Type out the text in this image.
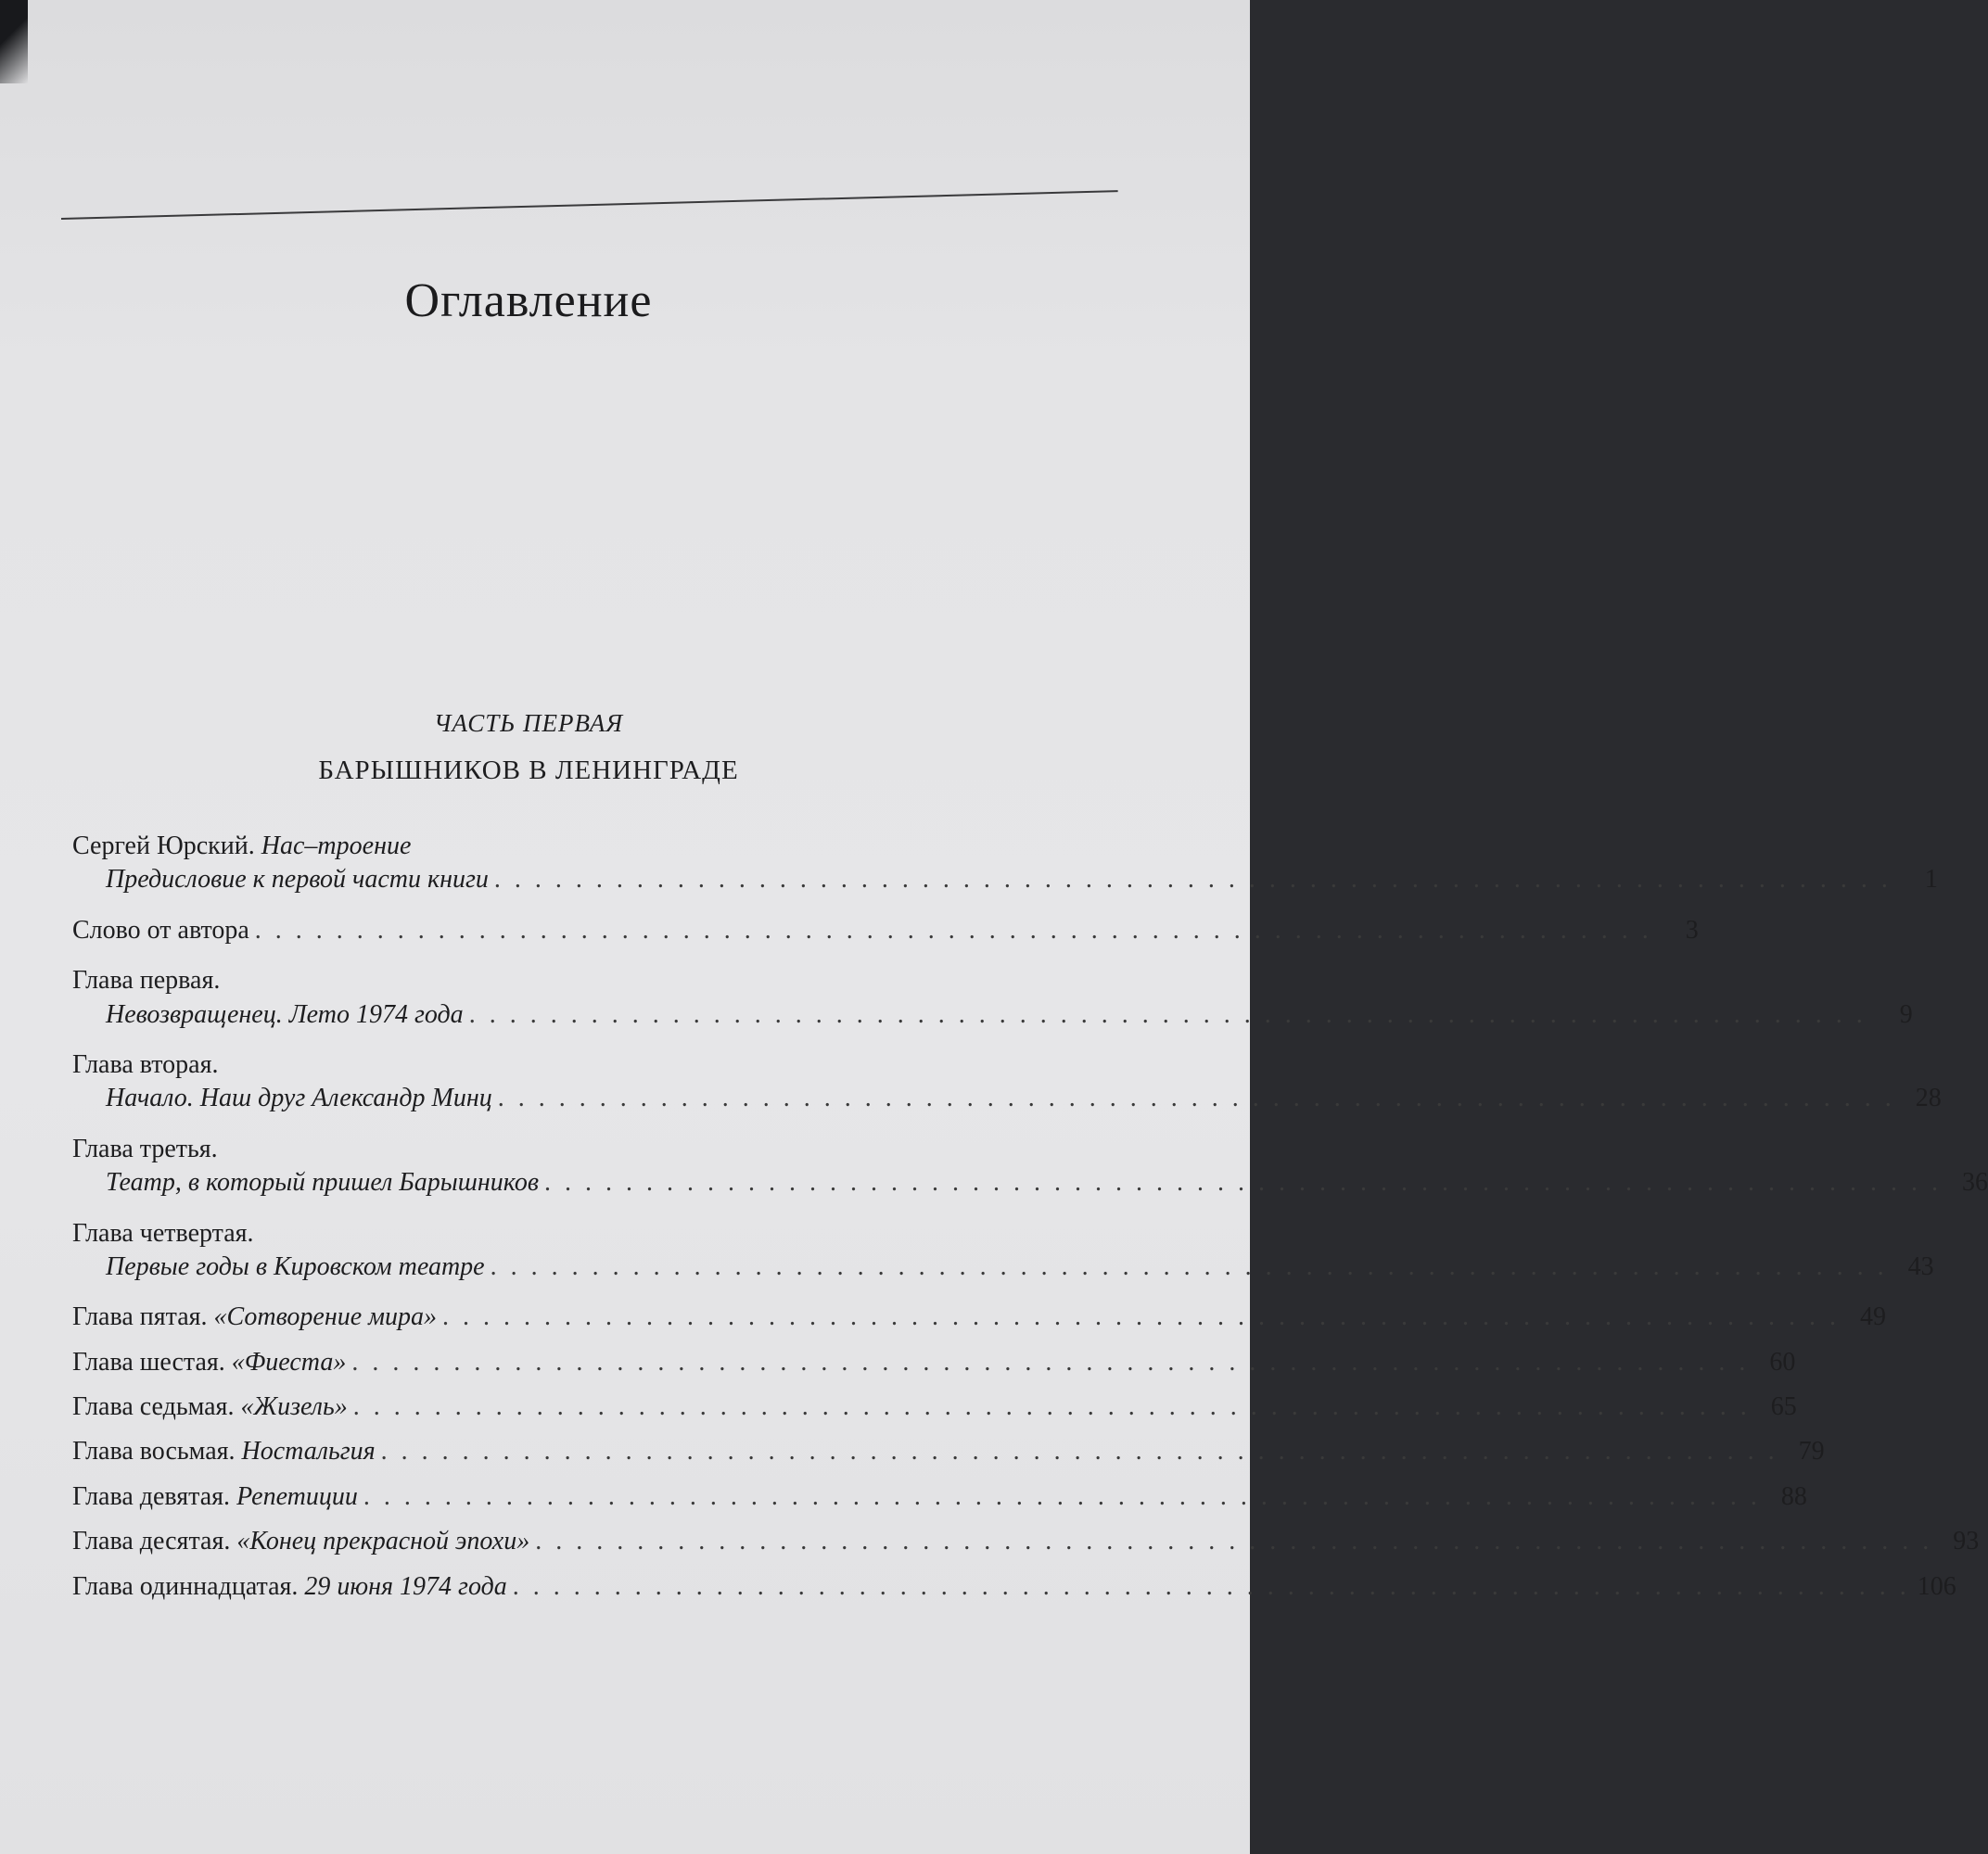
Оглавление
ЧАСТЬ ПЕРВАЯ
БАРЫШНИКОВ В ЛЕНИНГРАДЕ
Сергей Юрский.
Нас–троение
Предисловие к первой части книги . . . . . . . . . . . . . . . . . . . . . . . . . . . . . . . . . . . . . . . . . . . . . . . . . . . . . . . . . . . . . . . . . . . . .	1
Слово от автора . . . . . . . . . . . . . . . . . . . . . . . . . . . . . . . . . . . . . . . . . . . . . . . . . . . . . . . . . . . . . . . . . . . . .	3
Глава первая.
Невозвращенец. Лето 1974 года . . . . . . . . . . . . . . . . . . . . . . . . . . . . . . . . . . . . . . . . . . . . . . . . . . . . . . . . . . . . . . . . . . . . .	9
Глава вторая.
Начало. Наш друг Александр Минц . . . . . . . . . . . . . . . . . . . . . . . . . . . . . . . . . . . . . . . . . . . . . . . . . . . . . . . . . . . . . . . . . . . . . 28
Глава третья.
Театр, в который пришел Барышников . . . . . . . . . . . . . . . . . . . . . . . . . . . . . . . . . . . . . . . . . . . . . . . . . . . . . . . . . . . . . . . . . . . . . 36
Глава четвертая.
Первые годы в Кировском театре . . . . . . . . . . . . . . . . . . . . . . . . . . . . . . . . . . . . . . . . . . . . . . . . . . . . . . . . . . . . . . . . . . . . . 43
Глава пятая.
«Сотворение мира» . . . . . . . . . . . . . . . . . . . . . . . . . . . . . . . . . . . . . . . . . . . . . . . . . . . . . . . . . . . . . . . . . . . . . 49
Глава шестая.
«Фиеста» . . . . . . . . . . . . . . . . . . . . . . . . . . . . . . . . . . . . . . . . . . . . . . . . . . . . . . . . . . . . . . . . . . . . . 60
Глава седьмая.
«Жизель» . . . . . . . . . . . . . . . . . . . . . . . . . . . . . . . . . . . . . . . . . . . . . . . . . . . . . . . . . . . . . . . . . . . . . 65
Глава восьмая.
Ностальгия . . . . . . . . . . . . . . . . . . . . . . . . . . . . . . . . . . . . . . . . . . . . . . . . . . . . . . . . . . . . . . . . . . . . . 79
Глава девятая.
Репетиции . . . . . . . . . . . . . . . . . . . . . . . . . . . . . . . . . . . . . . . . . . . . . . . . . . . . . . . . . . . . . . . . . . . . . 88
Глава десятая.
«Конец прекрасной эпохи» . . . . . . . . . . . . . . . . . . . . . . . . . . . . . . . . . . . . . . . . . . . . . . . . . . . . . . . . . . . . . . . . . . . . . 93
Глава одиннадцатая.
29 июня 1974 года . . . . . . . . . . . . . . . . . . . . . . . . . . . . . . . . . . . . . . . . . . . . . . . . . . . . . . . . . . . . . . . . . . . . . 106
